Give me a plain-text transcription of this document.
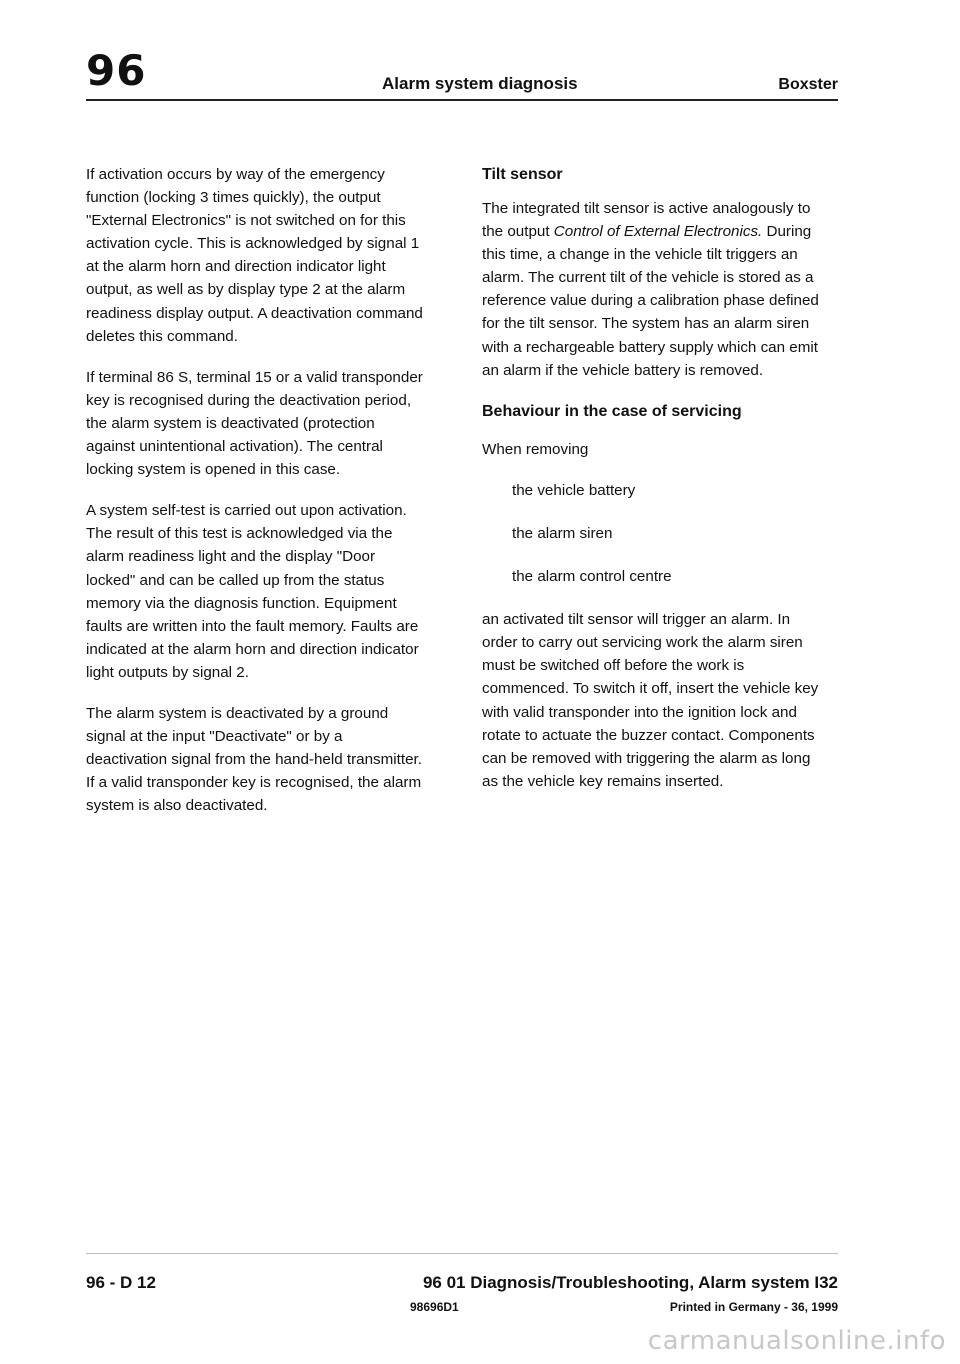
96	Alarm system diagnosis	Boxster

If activation occurs by way of the emergency function (locking 3 times quickly), the output "External Electronics" is not switched on for this activation cycle. This is acknowledged by signal 1 at the alarm horn and direction indicator light output, as well as by display type 2 at the alarm readiness display output. A deactivation command deletes this command.

If terminal 86 S, terminal 15 or a valid transponder key is recognised during the deactivation period, the alarm system is deactivated (protection against unintentional activation). The central locking system is opened in this case.

A system self-test is carried out upon activation. The result of this test is acknowledged via the alarm readiness light and the display "Door locked" and can be called up from the status memory via the diagnosis function. Equipment faults are written into the fault memory. Faults are indicated at the alarm horn and direction indicator light outputs by signal 2.

The alarm system is deactivated by a ground signal at the input "Deactivate" or by a deactivation signal from the hand-held transmitter. If a valid transponder key is recognised, the alarm system is also deactivated.

Tilt sensor

The integrated tilt sensor is active analogously to the output Control of External Electronics. During this time, a change in the vehicle tilt triggers an alarm. The current tilt of the vehicle is stored as a reference value during a calibration phase defined for the tilt sensor. The system has an alarm siren with a rechargeable battery supply which can emit an alarm if the vehicle battery is removed.

Behaviour in the case of servicing

When removing

the vehicle battery
the alarm siren
the alarm control centre

an activated tilt sensor will trigger an alarm. In order to carry out servicing work the alarm siren must be switched off before the work is commenced. To switch it off, insert the vehicle key with valid transponder into the ignition lock and rotate to actuate the buzzer contact. Components can be removed with triggering the alarm as long as the vehicle key remains inserted.

96 - D 12	96 01 Diagnosis/Troubleshooting, Alarm system I32
98696D1	Printed in Germany - 36, 1999
carmanualsonline.info
